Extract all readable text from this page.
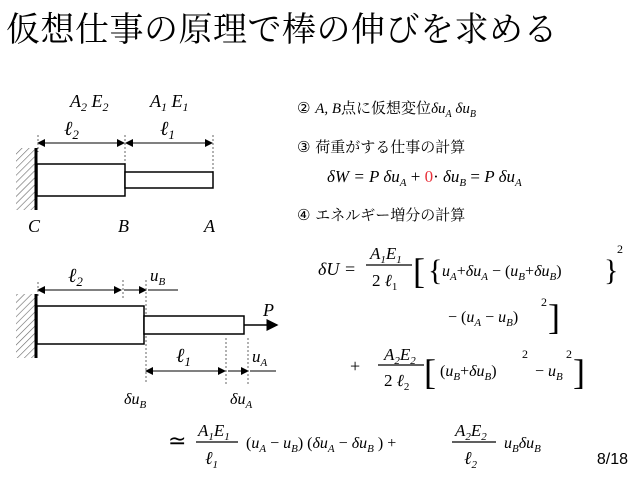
仮想仕事の原理で棒の伸びを求める
$A_2$ $E_2$ $A_1$ $E_1$
ℓ$_2$	ℓ$_1$
C	B	A
ℓ$_2$	$u_B$
P
ℓ$_1$	$u_A$
$\delta u_B$	$\delta u_A$
② A, B点に仮想変位$\delta u_A$ $\delta u_B$
③ 荷重がする仕事の計算
δW = P $\delta u_A + 0\cdot \delta u_B = P$ $\delta u_A$
④ エネルギー増分の計算
δU =
$A_1E_1$
2 ℓ$_1$ [ { $u_A+\delta u_A - (u_B+\delta u_B)$ }
2
− $(u_A - u_B)$
2 ]
+
$A_2E_2$
2 ℓ$_2$ [ $(u_B+\delta u_B)$
2
− $u_B$
2 ]
≃ $A_1E_1$
ℓ$_1$
$(u_A - u_B) (\delta u_A - \delta u_B$ ) +
$A_2E_2$
ℓ$_2$
$u_B\delta u_B$
8/18
